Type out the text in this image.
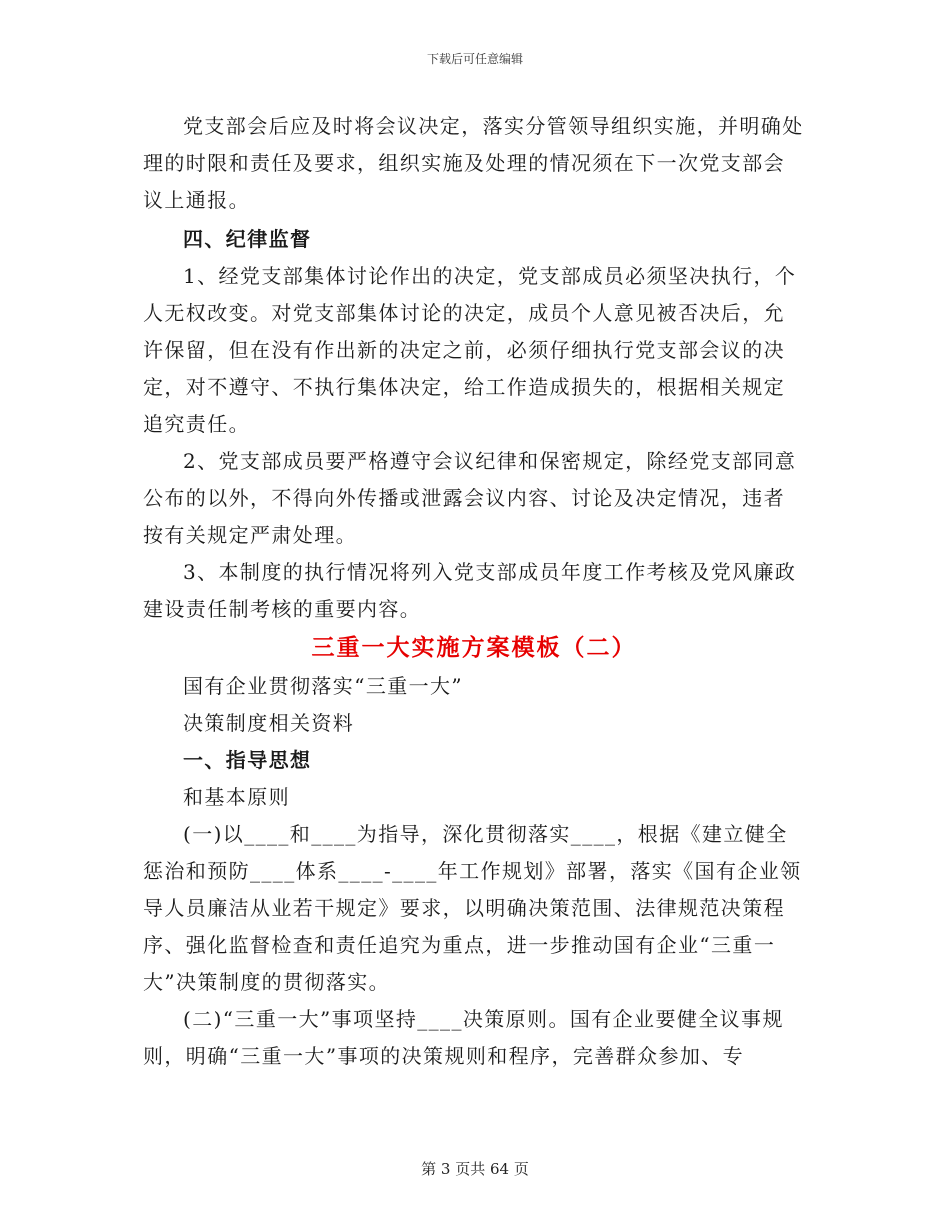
下载后可任意编辑

党支部会后应及时将会议决定，落实分管领导组织实施，并明确处理的时限和责任及要求，组织实施及处理的情况须在下一次党支部会议上通报。

四、纪律监督

1、经党支部集体讨论作出的决定，党支部成员必须坚决执行，个人无权改变。对党支部集体讨论的决定，成员个人意见被否决后，允许保留，但在没有作出新的决定之前，必须仔细执行党支部会议的决定，对不遵守、不执行集体决定，给工作造成损失的，根据相关规定追究责任。

2、党支部成员要严格遵守会议纪律和保密规定，除经党支部同意公布的以外，不得向外传播或泄露会议内容、讨论及决定情况，违者按有关规定严肃处理。

3、本制度的执行情况将列入党支部成员年度工作考核及党风廉政建设责任制考核的重要内容。

三重一大实施方案模板（二）

国有企业贯彻落实“三重一大”

决策制度相关资料

一、指导思想

和基本原则

(一)以____和____为指导，深化贯彻落实____，根据《建立健全惩治和预防____体系____-____年工作规划》部署，落实《国有企业领导人员廉洁从业若干规定》要求，以明确决策范围、法律规范决策程序、强化监督检查和责任追究为重点，进一步推动国有企业“三重一大”决策制度的贯彻落实。

(二)“三重一大”事项坚持____决策原则。国有企业要健全议事规则，明确“三重一大”事项的决策规则和程序，完善群众参加、专

第 3 页共 64 页
